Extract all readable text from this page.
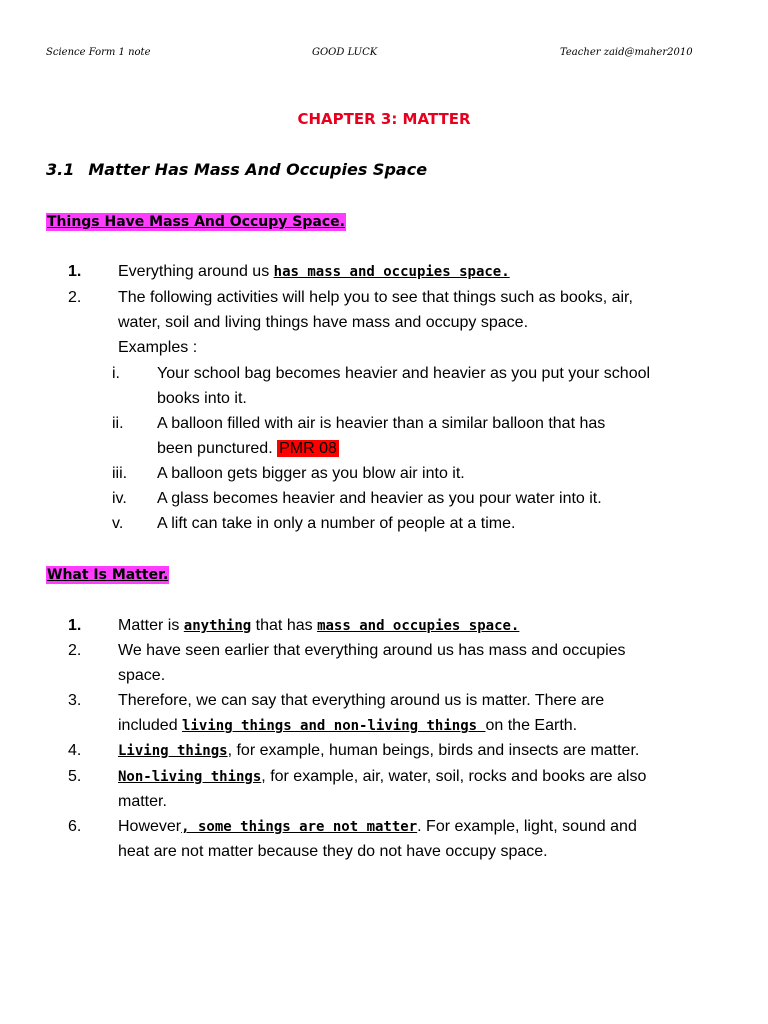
Science Form 1 note	GOOD LUCK	Teacher zaid@maher2010
CHAPTER 3: MATTER
3.1 Matter Has Mass And Occupies Space
Things Have Mass And Occupy Space.
1. Everything around us has mass and occupies space.
2. The following activities will help you to see that things such as books, air,
water, soil and living things have mass and occupy space.
Examples :
i. Your school bag becomes heavier and heavier as you put your school
books into it.
ii. A balloon filled with air is heavier than a similar balloon that has
been punctured. PMR 08
iii. A balloon gets bigger as you blow air into it.
iv. A glass becomes heavier and heavier as you pour water into it.
v. A lift can take in only a number of people at a time.
What Is Matter.
1. Matter is anything that has mass and occupies space.
2. We have seen earlier that everything around us has mass and occupies
space.
3. Therefore, we can say that everything around us is matter. There are
included living things and non-living things on the Earth.
4.	Living things, for example, human beings, birds and insects are matter.
5.	Non-living things, for example, air, water, soil, rocks and books are also
matter.
6. However, some things are not matter. For example, light, sound and
heat are not matter because they do not have occupy space.
